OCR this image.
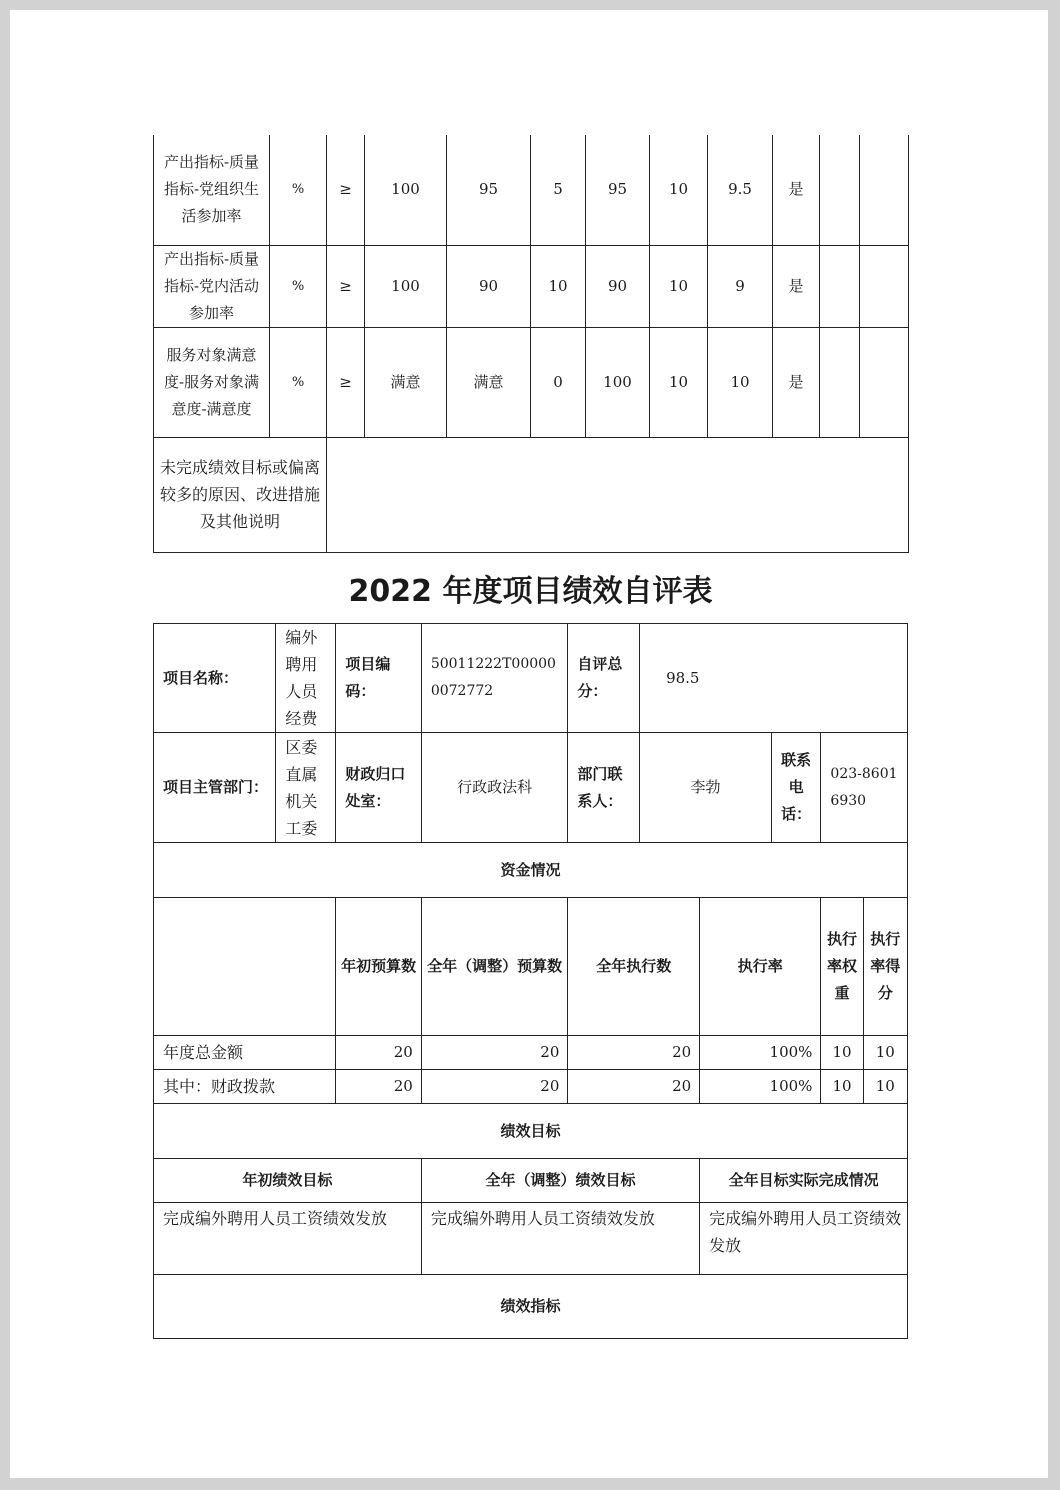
产出指标-质量指标-党组织生活参加率	%	≥	100	95	5	95	10	9.5	是		
产出指标-质量指标-党内活动参加率	%	≥	100	90	10	90	10	9	是		
服务对象满意度-服务对象满意度-满意度	%	≥	满意	满意	0	100	10	10	是		
未完成绩效目标或偏离较多的原因、改进措施及其他说明											
2022 年度项目绩效自评表
项目名称：	编外聘用人员经费	项目编码：	50011222T000000072772	自评总分：	98.5				
项目主管部门：	区委直属机关工委	财政归口处室：	行政政法科	部门联系人：	李勃		联系电话：	023-86016930	
资金情况									
		年初预算数	全年（调整）预算数	全年执行数		执行率		执行率权重	执行率得分
年度总金额		20	20	20		100%		10	10
其中：财政拨款		20	20	20		100%		10	10
绩效目标									
年初绩效目标			全年（调整）绩效目标			全年目标实际完成情况			
完成编外聘用人员工资绩效发放			完成编外聘用人员工资绩效发放			完成编外聘用人员工资绩效发放			
绩效指标									
